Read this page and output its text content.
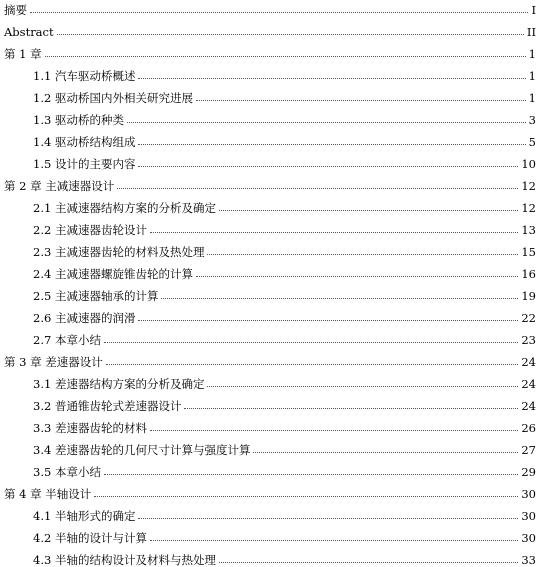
摘要	I
Abstract	II
第 1 章	1
1.1 汽车驱动桥概述	1
1.2 驱动桥国内外相关研究进展	1
1.3 驱动桥的种类	3
1.4 驱动桥结构组成	5
1.5 设计的主要内容	10
第 2 章 主减速器设计	12
2.1 主减速器结构方案的分析及确定	12
2.2 主减速器齿轮设计	13
2.3 主减速器齿轮的材料及热处理	15
2.4 主减速器螺旋锥齿轮的计算	16
2.5 主减速器轴承的计算	19
2.6 主减速器的润滑	22
2.7 本章小结	23
第 3 章 差速器设计	24
3.1 差速器结构方案的分析及确定	24
3.2 普通锥齿轮式差速器设计	24
3.3 差速器齿轮的材料	26
3.4 差速器齿轮的几何尺寸计算与强度计算	27
3.5 本章小结	29
第 4 章 半轴设计	30
4.1 半轴形式的确定	30
4.2 半轴的设计与计算	30
4.3 半轴的结构设计及材料与热处理	33
